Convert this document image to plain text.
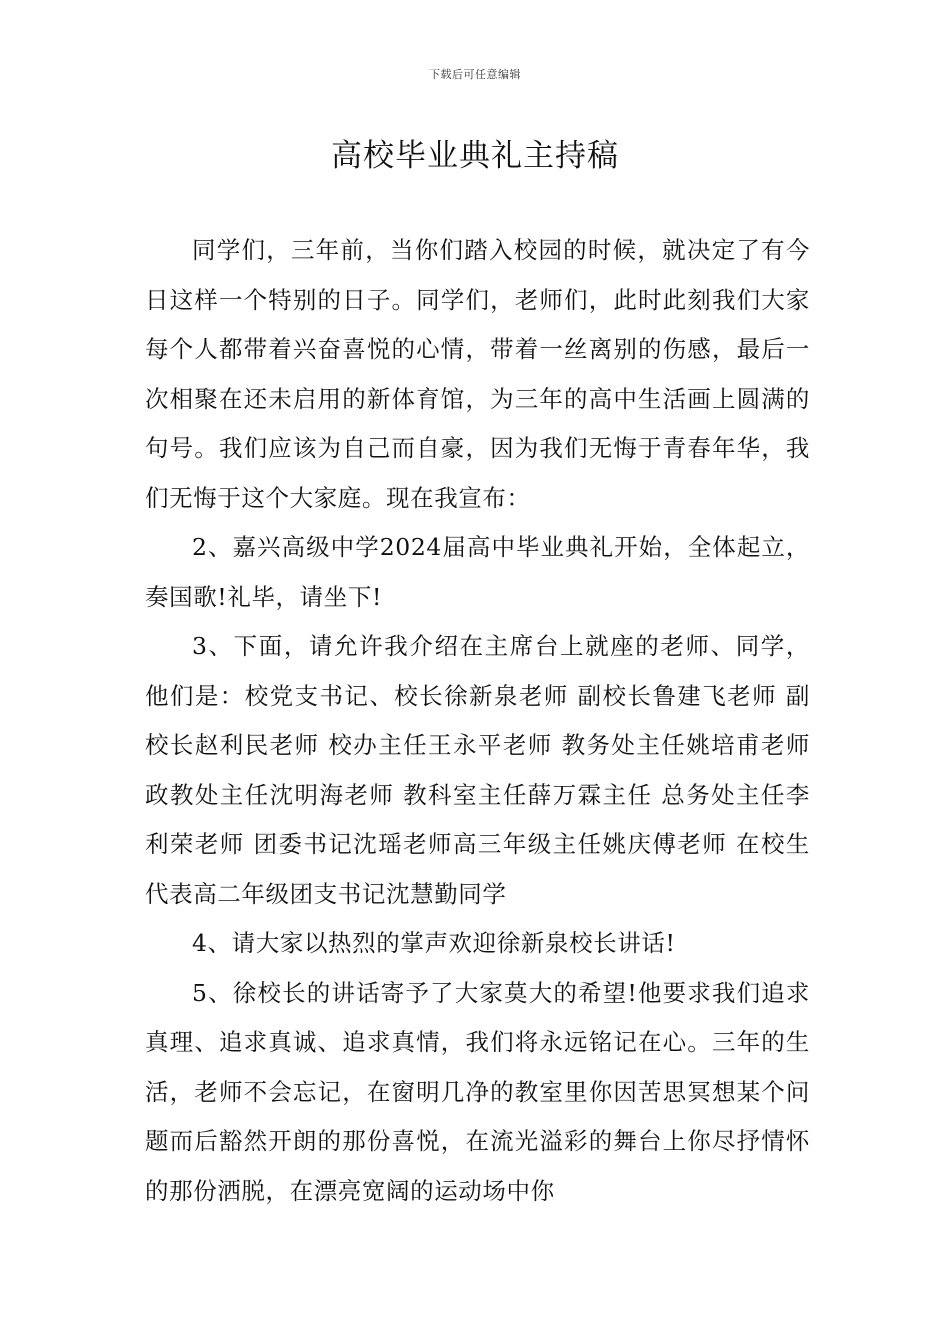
下载后可任意编辑
高校毕业典礼主持稿

同学们，三年前，当你们踏入校园的时候，就决定了有今日这样一个特别的日子。同学们，老师们，此时此刻我们大家每个人都带着兴奋喜悦的心情，带着一丝离别的伤感，最后一次相聚在还未启用的新体育馆，为三年的高中生活画上圆满的句号。我们应该为自己而自豪，因为我们无悔于青春年华，我们无悔于这个大家庭。现在我宣布：

2、嘉兴高级中学2024届高中毕业典礼开始，全体起立，奏国歌!礼毕，请坐下!

3、下面，请允许我介绍在主席台上就座的老师、同学，他们是：校党支书记、校长徐新泉老师 副校长鲁建飞老师 副校长赵利民老师 校办主任王永平老师 教务处主任姚培甫老师 政教处主任沈明海老师 教科室主任薛万霖主任 总务处主任李利荣老师 团委书记沈瑶老师高三年级主任姚庆傅老师 在校生代表高二年级团支书记沈慧勤同学

4、请大家以热烈的掌声欢迎徐新泉校长讲话!

5、徐校长的讲话寄予了大家莫大的希望!他要求我们追求真理、追求真诚、追求真情，我们将永远铭记在心。三年的生活，老师不会忘记，在窗明几净的教室里你因苦思冥想某个问题而后豁然开朗的那份喜悦，在流光溢彩的舞台上你尽抒情怀的那份洒脱，在漂亮宽阔的运动场中你
